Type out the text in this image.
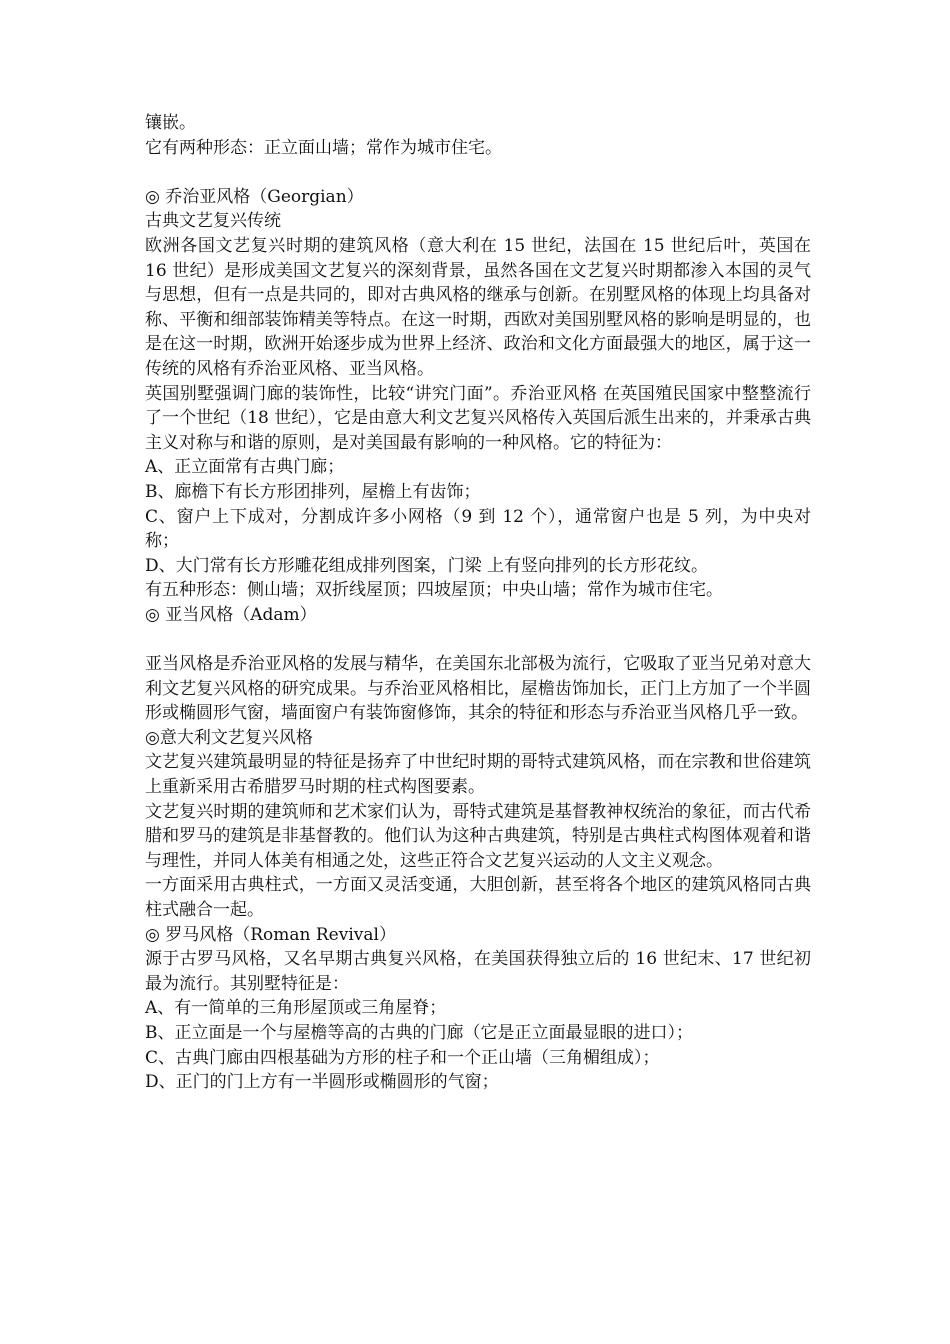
镶嵌。

它有两种形态：正立面山墙；常作为城市住宅。

◎ 乔治亚风格（Georgian）

古典文艺复兴传统

欧洲各国文艺复兴时期的建筑风格（意大利在 15 世纪，法国在 15 世纪后叶，英国在 16 世纪）是形成美国文艺复兴的深刻背景，虽然各国在文艺复兴时期都渗入本国的灵气与思想，但有一点是共同的，即对古典风格的继承与创新。在别墅风格的体现上均具备对称、平衡和细部装饰精美等特点。在这一时期，西欧对美国别墅风格的影响是明显的，也是在这一时期，欧洲开始逐步成为世界上经济、政治和文化方面最强大的地区，属于这一传统的风格有乔治亚风格、亚当风格。

英国别墅强调门廊的装饰性，比较“讲究门面”。乔治亚风格 在英国殖民国家中整整流行了一个世纪（18 世纪），它是由意大利文艺复兴风格传入英国后派生出来的，并秉承古典主义对称与和谐的原则，是对美国最有影响的一种风格。它的特征为：

A、正立面常有古典门廊；

B、廊檐下有长方形团排列，屋檐上有齿饰；

C、窗户上下成对，分割成许多小网格（9 到 12 个），通常窗户也是 5 列，为中央对称；

D、大门常有长方形雕花组成排列图案，门梁 上有竖向排列的长方形花纹。

有五种形态：侧山墙；双折线屋顶；四坡屋顶；中央山墙；常作为城市住宅。

◎ 亚当风格（Adam）

亚当风格是乔治亚风格的发展与精华，在美国东北部极为流行，它吸取了亚当兄弟对意大利文艺复兴风格的研究成果。与乔治亚风格相比，屋檐齿饰加长，正门上方加了一个半圆形或椭圆形气窗，墙面窗户有装饰窗修饰，其余的特征和形态与乔治亚当风格几乎一致。

◎意大利文艺复兴风格

文艺复兴建筑最明显的特征是扬弃了中世纪时期的哥特式建筑风格，而在宗教和世俗建筑上重新采用古希腊罗马时期的柱式构图要素。

文艺复兴时期的建筑师和艺术家们认为，哥特式建筑是基督教神权统治的象征，而古代希腊和罗马的建筑是非基督教的。他们认为这种古典建筑，特别是古典柱式构图体观着和谐与理性，并同人体美有相通之处，这些正符合文艺复兴运动的人文主义观念。

一方面采用古典柱式，一方面又灵活变通，大胆创新，甚至将各个地区的建筑风格同古典柱式融合一起。

◎ 罗马风格（Roman Revival）

源于古罗马风格，又名早期古典复兴风格，在美国获得独立后的 16 世纪末、17 世纪初最为流行。其别墅特征是：

A、有一简单的三角形屋顶或三角屋脊；

B、正立面是一个与屋檐等高的古典的门廊（它是正立面最显眼的进口）；

C、古典门廊由四根基础为方形的柱子和一个正山墙（三角楣组成）；

D、正门的门上方有一半圆形或椭圆形的气窗；
